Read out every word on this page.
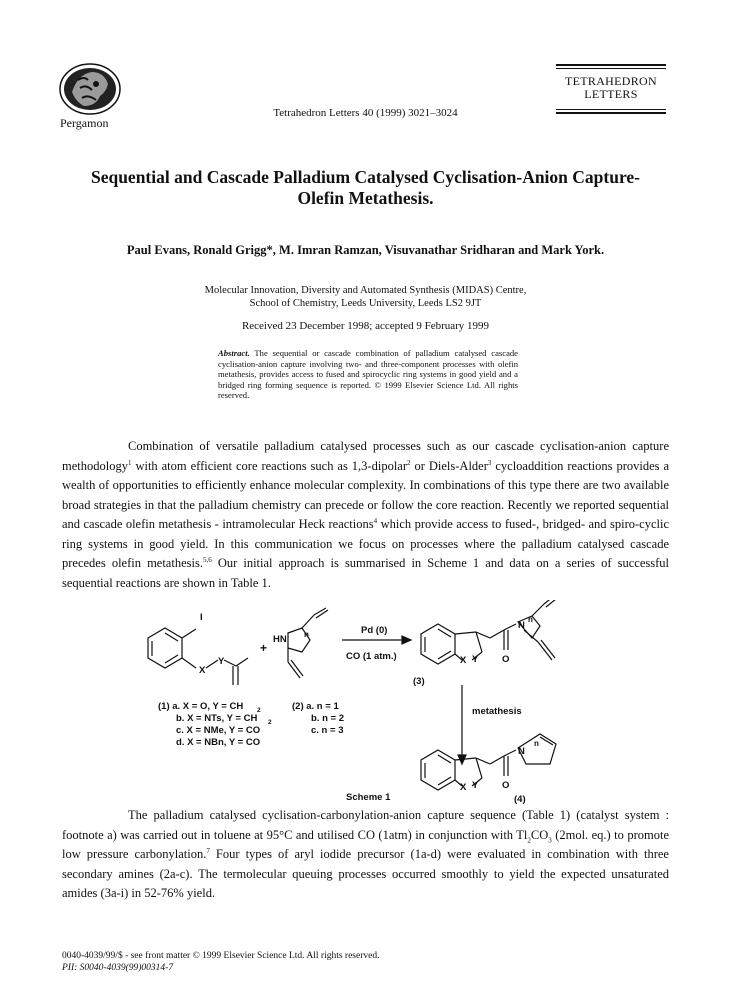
Pergamon
Tetrahedron Letters 40 (1999) 3021–3024
TETRAHEDRON
LETTERS
Sequential and Cascade Palladium Catalysed Cyclisation-Anion Capture-
Olefin Metathesis.
Paul Evans, Ronald Grigg*, M. Imran Ramzan, Visuvanathar Sridharan and Mark York.
Molecular Innovation, Diversity and Automated Synthesis (MIDAS) Centre,
School of Chemistry, Leeds University, Leeds LS2 9JT
Received 23 December 1998; accepted 9 February 1999
Abstract. The sequential or cascade combination of palladium catalysed cascade cyclisation-anion capture involving two- and three-component processes with olefin metathesis, provides access to fused and spirocyclic ring systems in good yield and a bridged ring forming sequence is reported. © 1999 Elsevier Science Ltd. All rights reserved.

Combination of versatile palladium catalysed processes such as our cascade cyclisation-anion capture methodology$^1$ with atom efficient core reactions such as 1,3-dipolar$^2$ or Diels-Alder$^3$ cycloaddition reactions provides a wealth of opportunities to efficiently enhance molecular complexity. In combinations of this type there are two available broad strategies in that the palladium chemistry can precede or follow the core reaction. Recently we reported sequential and cascade olefin metathesis - intramolecular Heck reactions$^4$ which provide access to fused-, bridged- and spiro-cyclic ring systems in good yield. In this communication we focus on processes where the palladium catalysed cascade precedes olefin metathesis.$^{5,6}$ Our initial approach is summarised in Scheme 1 and data on a series of successful sequential reactions are shown in Table 1.

I
X
Y
+
HN n	Pd (0)
CO (1 atm.)	X Y
N
O
n
(3)
metathesis
X Y
N
O
n
(4)
Scheme 1
(1) a. X = O, Y = CH 2
b. X = NTs, Y = CH 2
c. X = NMe, Y = CO
d. X = NBn, Y = CO
(2) a. n = 1
b. n = 2
c. n = 3

The palladium catalysed cyclisation-carbonylation-anion capture sequence (Table 1) (catalyst system : footnote a) was carried out in toluene at 95°C and utilised CO (1atm) in conjunction with $Tl_2CO_3$ (2mol. eq.) to promote low pressure carbonylation.$^7$ Four types of aryl iodide precursor (1a-d) were evaluated in combination with three secondary amines (2a-c). The termolecular queuing processes occurred smoothly to yield the expected unsaturated amides (3a-i) in 52-76% yield.

0040-4039/99/$ - see front matter © 1999 Elsevier Science Ltd. All rights reserved.
PII: S0040-4039(99)00314-7
